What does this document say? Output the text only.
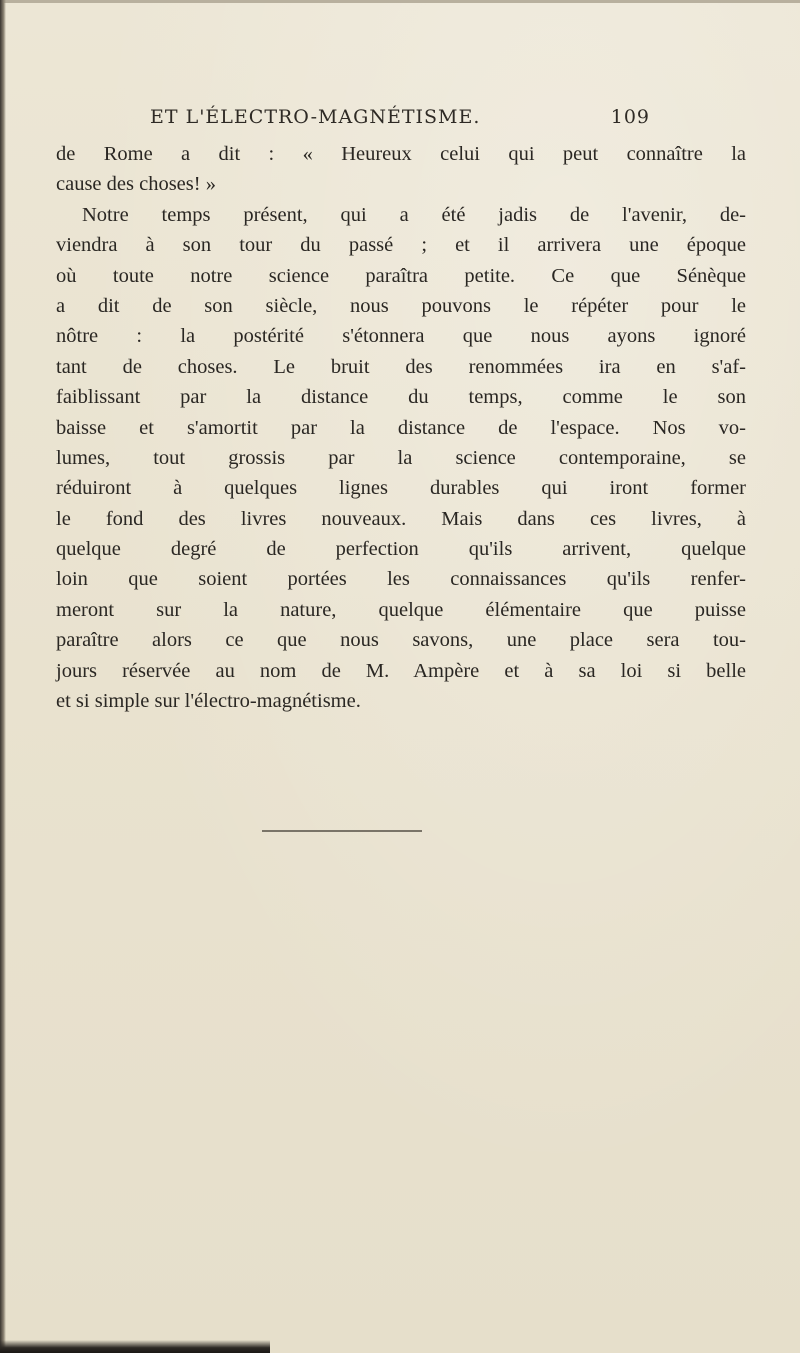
ET L'ÉLECTRO-MAGNÉTISME.	109
de Rome a dit : « Heureux celui qui peut connaître la
cause des choses! »
Notre temps présent, qui a été jadis de l'avenir, de-
viendra à son tour du passé ; et il arrivera une époque
où toute notre science paraîtra petite. Ce que Sénèque
a dit de son siècle, nous pouvons le répéter pour le
nôtre : la postérité s'étonnera que nous ayons ignoré
tant de choses. Le bruit des renommées ira en s'af-
faiblissant par la distance du temps, comme le son
baisse et s'amortit par la distance de l'espace. Nos vo-
lumes, tout grossis par la science contemporaine, se
réduiront à quelques lignes durables qui iront former
le fond des livres nouveaux. Mais dans ces livres, à
quelque degré de perfection qu'ils arrivent, quelque
loin que soient portées les connaissances qu'ils renfer-
meront sur la nature, quelque élémentaire que puisse
paraître alors ce que nous savons, une place sera tou-
jours réservée au nom de M. Ampère et à sa loi si belle
et si simple sur l'électro-magnétisme.
